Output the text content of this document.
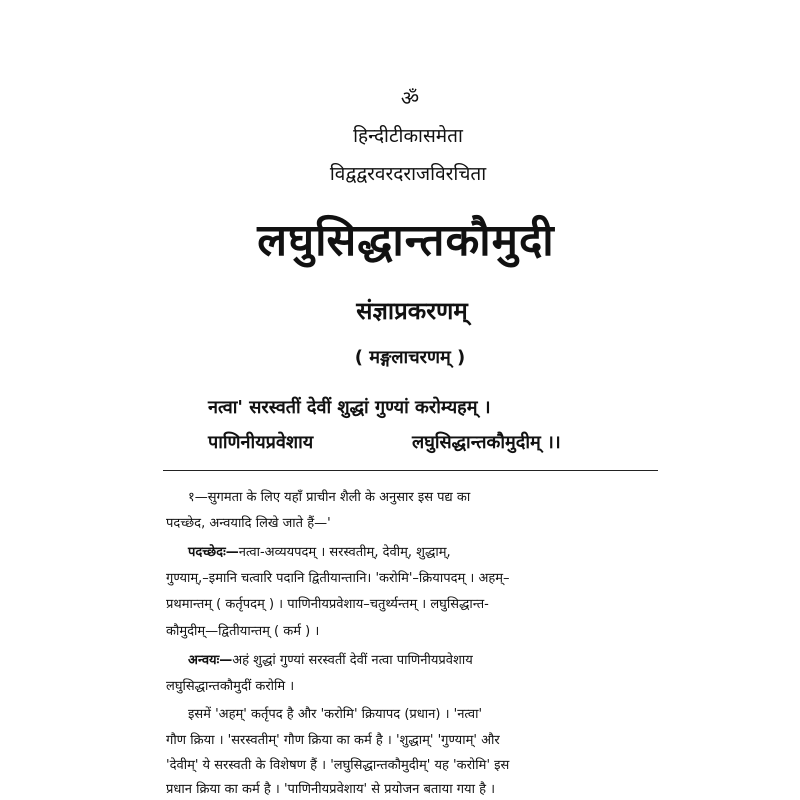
ॐ
हिन्दीटीकासमेता
विद्वद्वरवरदराजविरचिता
लघुसिद्धान्तकौमुदी
संज्ञाप्रकरणम्
( मङ्गलाचरणम् )
नत्वा' सरस्वतीं देवीं शुद्धां गुण्यां करोम्यहम् ।
पाणिनीयप्रवेशाय	लघुसिद्धान्तकौमुदीम् ।।
१—सुगमता के लिए यहाँ प्राचीन शैली के अनुसार इस पद्य का
पदच्छेद, अन्वयादि लिखे जाते हैं—'
पदच्छेदः—नत्वा-अव्ययपदम् । सरस्वतीम्, देवीम्, शुद्धाम्,
गुण्याम्,–इमानि चत्वारि पदानि द्वितीयान्तानि। 'करोमि'–क्रियापदम् । अहम्–
प्रथमान्तम् ( कर्तृपदम् ) । पाणिनीयप्रवेशाय–चतुर्थ्यन्तम् । लघुसिद्धान्त-
कौमुदीम्—द्वितीयान्तम् ( कर्म ) ।
अन्वयः—अहं शुद्धां गुण्यां सरस्वतीं देवीं नत्वा पाणिनीयप्रवेशाय
लघुसिद्धान्तकौमुदीं करोमि ।
इसमें 'अहम्' कर्तृपद है और 'करोमि' क्रियापद (प्रधान) । 'नत्वा'
गौण क्रिया । 'सरस्वतीम्' गौण क्रिया का कर्म है । 'शुद्धाम्' 'गुण्याम्' और
'देवीम्' ये सरस्वती के विशेषण हैं । 'लघुसिद्धान्तकौमुदीम्' यह 'करोमि' इस
प्रधान क्रिया का कर्म है । 'पाणिनीयप्रवेशाय' से प्रयोजन बताया गया है ।
